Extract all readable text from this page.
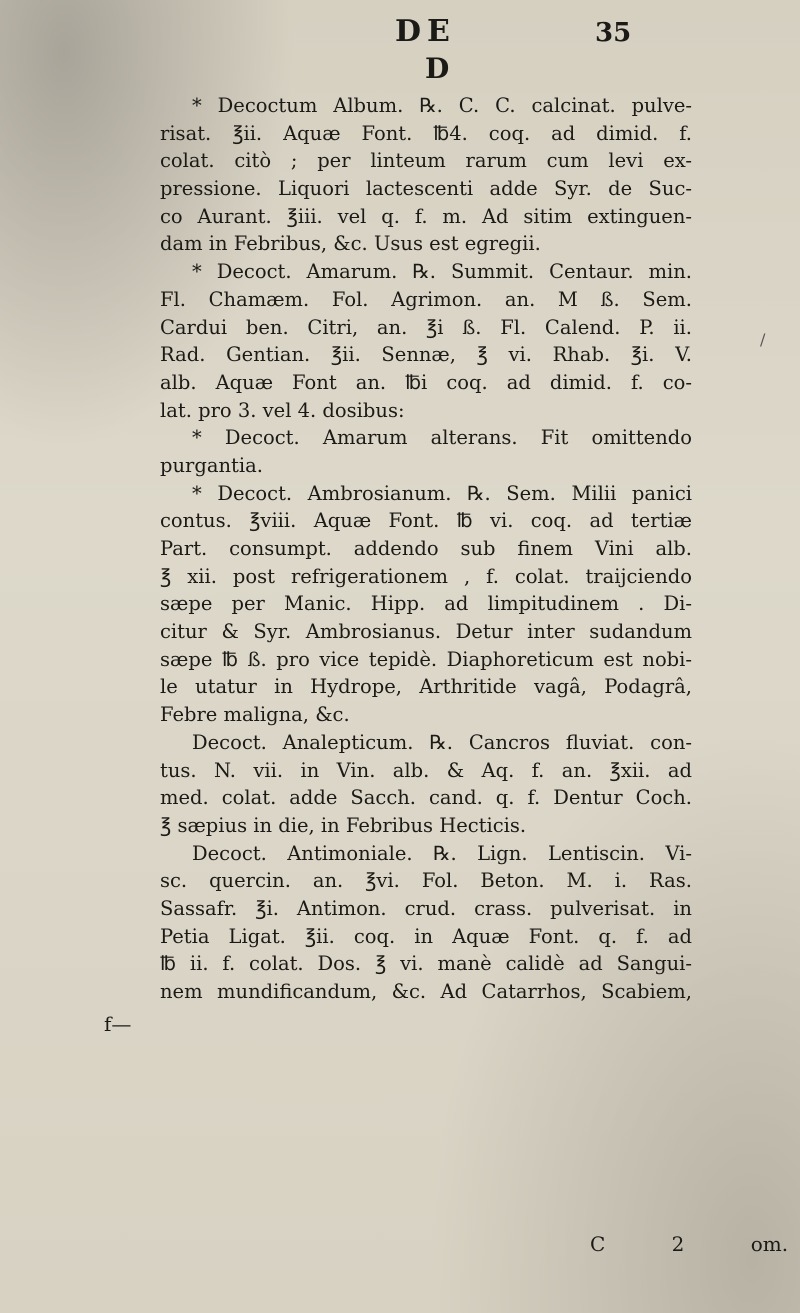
DE	35
D
/
f—
* Decoctum Album. ℞. C. C. calcinat. pulve-
risat. ℥ii. Aquæ Font. ℔4. coq. ad dimid. f.
colat. citò ; per linteum rarum cum levi ex-
pressione. Liquori lactescenti adde Syr. de Suc-
co Aurant. ℥iii. vel q. f. m. Ad sitim extinguen-
dam in Febribus, &c. Usus est egregii.
* Decoct. Amarum. ℞. Summit. Centaur. min.
Fl. Chamæm. Fol. Agrimon. an. M ß. Sem.
Cardui ben. Citri, an. ℥i ß. Fl. Calend. P. ii.
Rad. Gentian. ℥ii. Sennæ, ℥ vi. Rhab. ℥i. V.
alb. Aquæ Font an. ℔i coq. ad dimid. f. co-
lat. pro 3. vel 4. dosibus:
* Decoct. Amarum alterans. Fit omittendo
purgantia.
* Decoct. Ambrosianum. ℞. Sem. Milii panici
contus. ℥viii. Aquæ Font. ℔ vi. coq. ad tertiæ
Part. consumpt. addendo sub finem Vini alb.
℥ xii. post refrigerationem , f. colat. traijciendo
sæpe per Manic. Hipp. ad limpitudinem . Di-
citur & Syr. Ambrosianus. Detur inter sudandum
sæpe ℔ ß. pro vice tepidè. Diaphoreticum est nobi-
le utatur in Hydrope, Arthritide vagâ, Podagrâ,
Febre maligna, &c.
Decoct. Analepticum. ℞. Cancros fluviat. con-
tus. N. vii. in Vin. alb. & Aq. f. an. ℥xii. ad
med. colat. adde Sacch. cand. q. f. Dentur Coch.
℥ sæpius in die, in Febribus Hecticis.
Decoct. Antimoniale. ℞. Lign. Lentiscin. Vi-
sc. quercin. an. ℥vi. Fol. Beton. M. i. Ras.
Sassafr. ℥i. Antimon. crud. crass. pulverisat. in
Petia Ligat. ℥ii. coq. in Aquæ Font. q. f. ad
℔ ii. f. colat. Dos. ℥ vi. manè calidè ad Sangui-
nem mundificandum, &c. Ad Catarrhos, Scabiem,
C 2	om.
